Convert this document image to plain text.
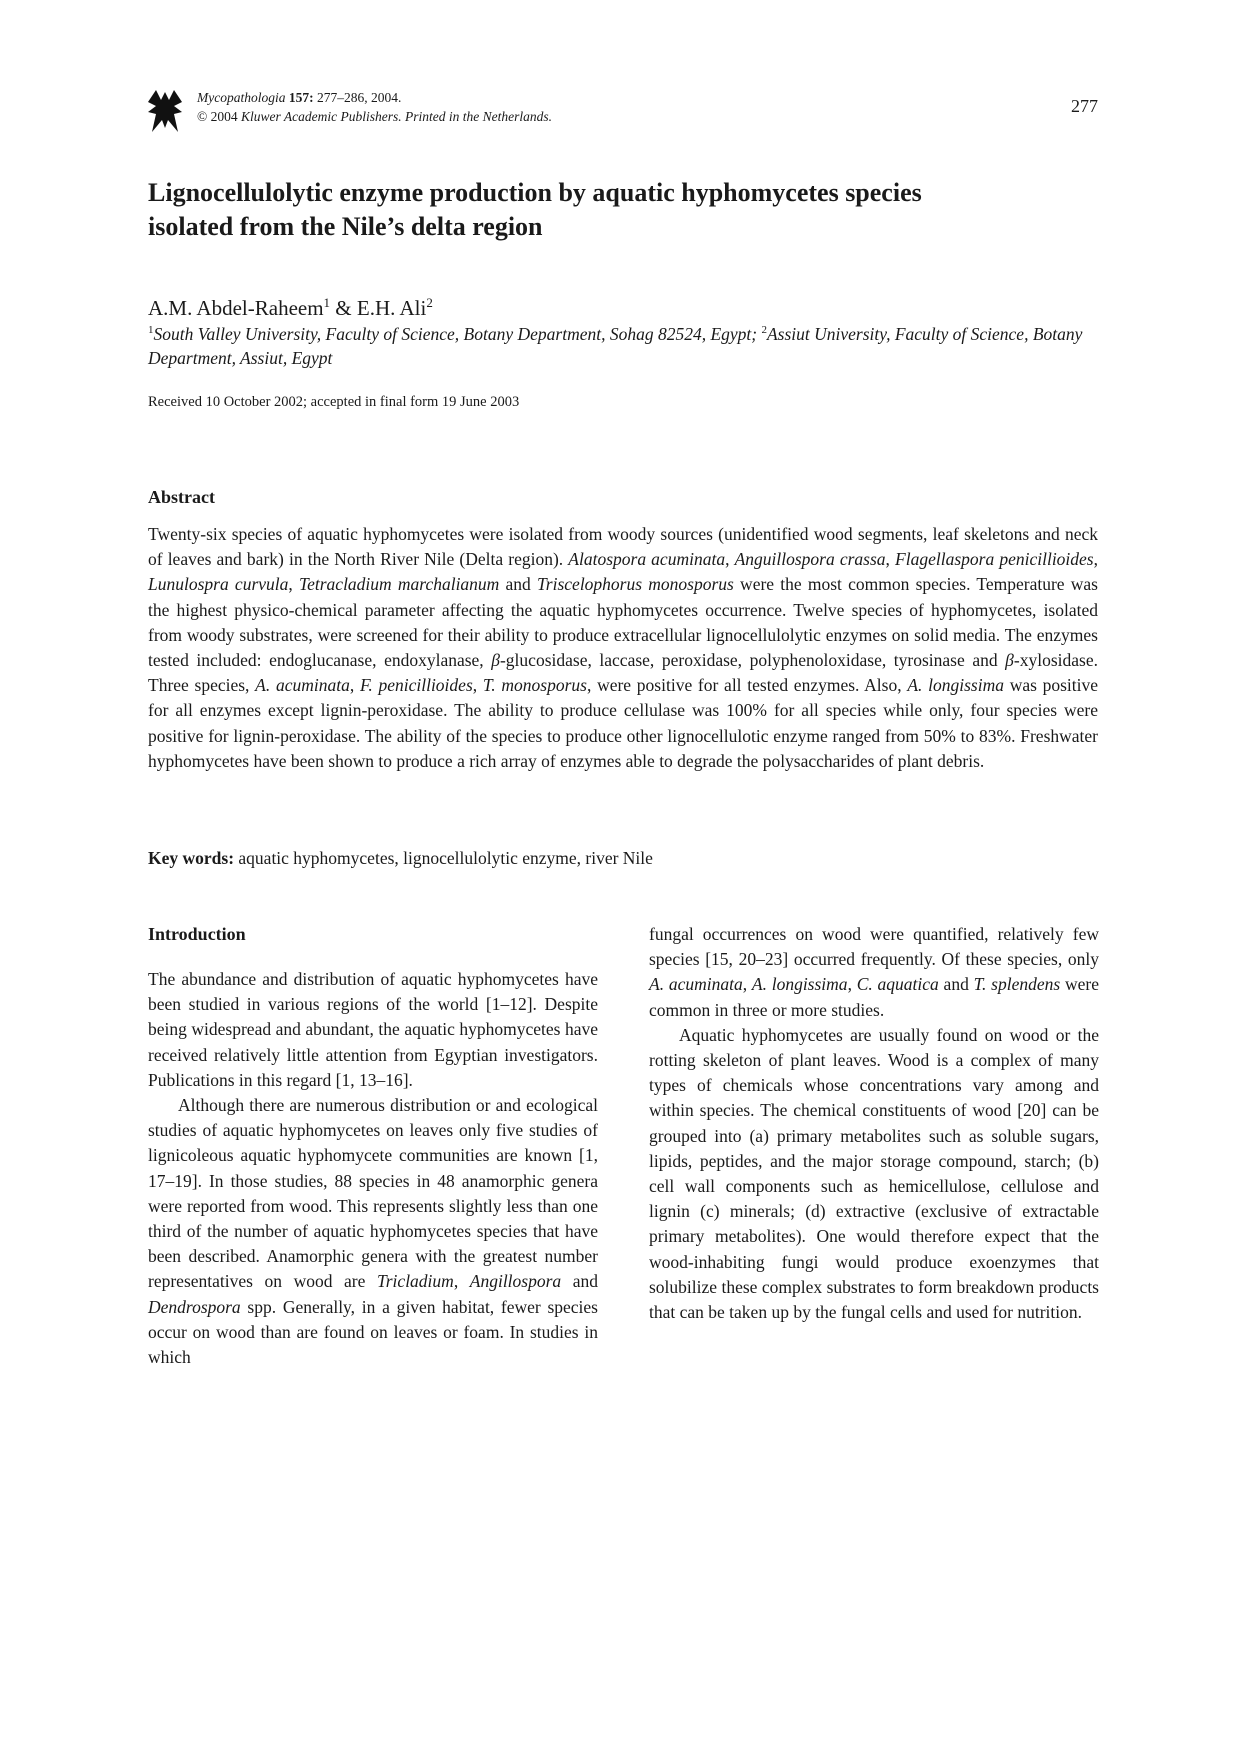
Mycopathologia 157: 277–286, 2004.
© 2004 Kluwer Academic Publishers. Printed in the Netherlands.
277
Lignocellulolytic enzyme production by aquatic hyphomycetes species
isolated from the Nile’s delta region
A.M. Abdel-Raheem$^1$ & E.H. Ali$^2$
$^1$South Valley University, Faculty of Science, Botany Department, Sohag 82524, Egypt; $^2$Assiut University, Faculty of Science, Botany Department, Assiut, Egypt
Received 10 October 2002; accepted in final form 19 June 2003
Abstract

Twenty-six species of aquatic hyphomycetes were isolated from woody sources (unidentified wood segments, leaf skeletons and neck of leaves and bark) in the North River Nile (Delta region). Alatospora acuminata, Anguillospora crassa, Flagellaspora penicillioides, Lunulospra curvula, Tetracladium marchalianum and Triscelophorus monosporus were the most common species. Temperature was the highest physico-chemical parameter affecting the aquatic hyphomycetes occurrence. Twelve species of hyphomycetes, isolated from woody substrates, were screened for their ability to produce extracellular lignocellulolytic enzymes on solid media. The enzymes tested included: endoglucanase, endoxylanase, β-glucosidase, laccase, peroxidase, polyphenoloxidase, tyrosinase and β-xylosidase. Three species, A. acuminata, F. penicillioides, T. monosporus, were positive for all tested enzymes. Also, A. longissima was positive for all enzymes except lignin-peroxidase. The ability to produce cellulase was 100% for all species while only, four species were positive for lignin-peroxidase. The ability of the species to produce other lignocellulotic enzyme ranged from 50% to 83%. Freshwater hyphomycetes have been shown to produce a rich array of enzymes able to degrade the polysaccharides of plant debris.

Key words: aquatic hyphomycetes, lignocellulolytic enzyme, river Nile

Introduction

The abundance and distribution of aquatic hyphomycetes have been studied in various regions of the world [1–12]. Despite being widespread and abundant, the aquatic hyphomycetes have received relatively little attention from Egyptian investigators. Publications in this regard [1, 13–16].

Although there are numerous distribution or and ecological studies of aquatic hyphomycetes on leaves only five studies of lignicoleous aquatic hyphomycete communities are known [1, 17–19]. In those studies, 88 species in 48 anamorphic genera were reported from wood. This represents slightly less than one third of the number of aquatic hyphomycetes species that have been described. Anamorphic genera with the greatest number representatives on wood are Tricladium, Angillospora and Dendrospora spp. Generally, in a given habitat, fewer species occur on wood than are found on leaves or foam. In studies in which

fungal occurrences on wood were quantified, relatively few species [15, 20–23] occurred frequently. Of these species, only A. acuminata, A. longissima, C. aquatica and T. splendens were common in three or more studies.

Aquatic hyphomycetes are usually found on wood or the rotting skeleton of plant leaves. Wood is a complex of many types of chemicals whose concentrations vary among and within species. The chemical constituents of wood [20] can be grouped into (a) primary metabolites such as soluble sugars, lipids, peptides, and the major storage compound, starch; (b) cell wall components such as hemicellulose, cellulose and lignin (c) minerals; (d) extractive (exclusive of extractable primary metabolites). One would therefore expect that the wood-inhabiting fungi would produce exoenzymes that solubilize these complex substrates to form breakdown products that can be taken up by the fungal cells and used for nutrition.
